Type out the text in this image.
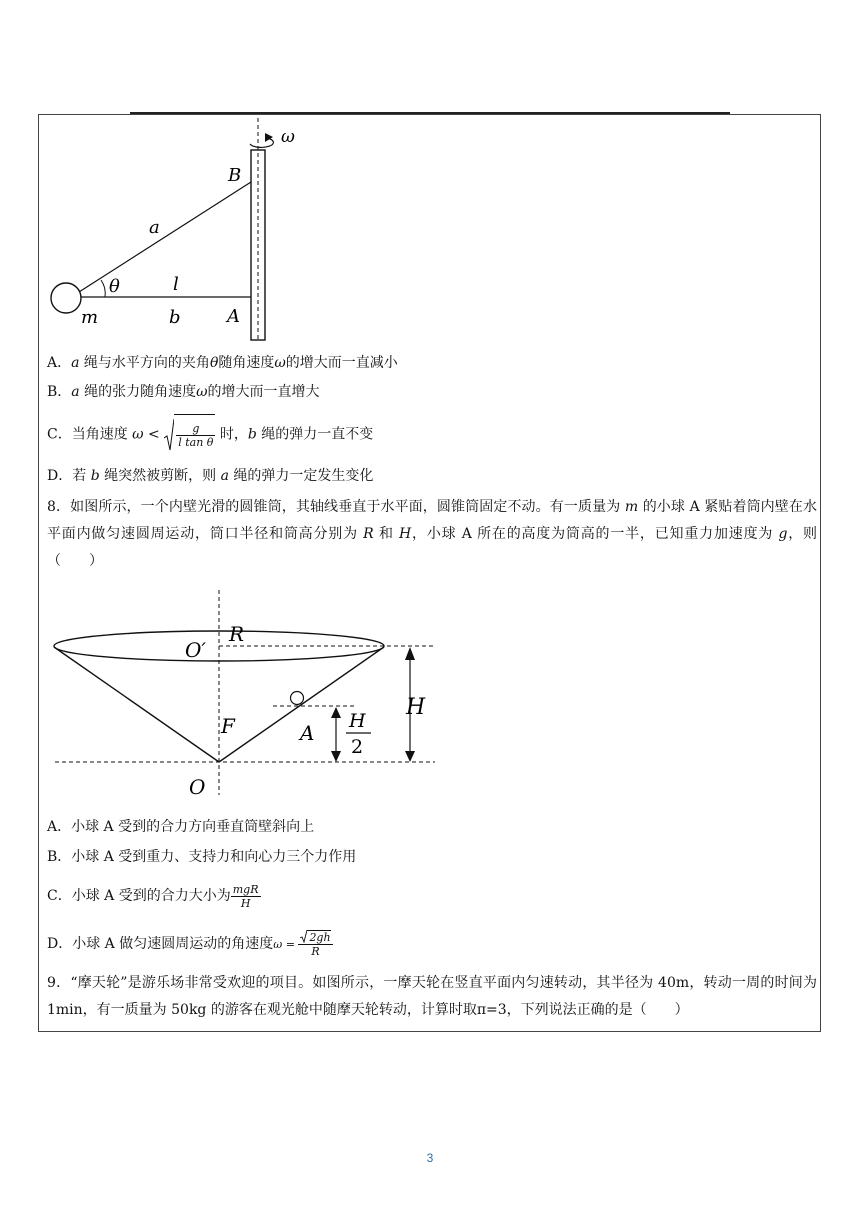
ω
B
a
θ	l
m	b	A
A．a 绳与水平方向的夹角θ随角速度ω的增大而一直减小
B．a 绳的张力随角速度ω的增大而一直增大
C．当角速度 $\omega < \frac{g}{\text{l tan θ}}$ 时，b 绳的弹力一直不变
D．若 b 绳突然被剪断，则 a 绳的弹力一定发生变化
8．如图所示，一个内壁光滑的圆锥筒，其轴线垂直于水平面，圆锥筒固定不动。有一质量为 m 的小球 A 紧贴着筒内壁在水平面内做匀速圆周运动，筒口半径和筒高分别为 R 和 H，小球 A 所在的高度为筒高的一半，已知重力加速度为 g，则（　　）
R
O′
H
F	A H
2
O
A．小球 A 受到的合力方向垂直筒壁斜向上
B．小球 A 受到重力、支持力和向心力三个力作用
C．小球 A 受到的合力大小为 $\frac{\text{mgR}}{H}$
D．小球 A 做匀速圆周运动的角速度$\omega = \frac{2gh}{R}$
9．“摩天轮”是游乐场非常受欢迎的项目。如图所示，一摩天轮在竖直平面内匀速转动，其半径为 40m，转动一周的时间为 1min，有一质量为 50kg 的游客在观光舱中随摩天轮转动，计算时取π=3，下列说法正确的是（　　）
3
